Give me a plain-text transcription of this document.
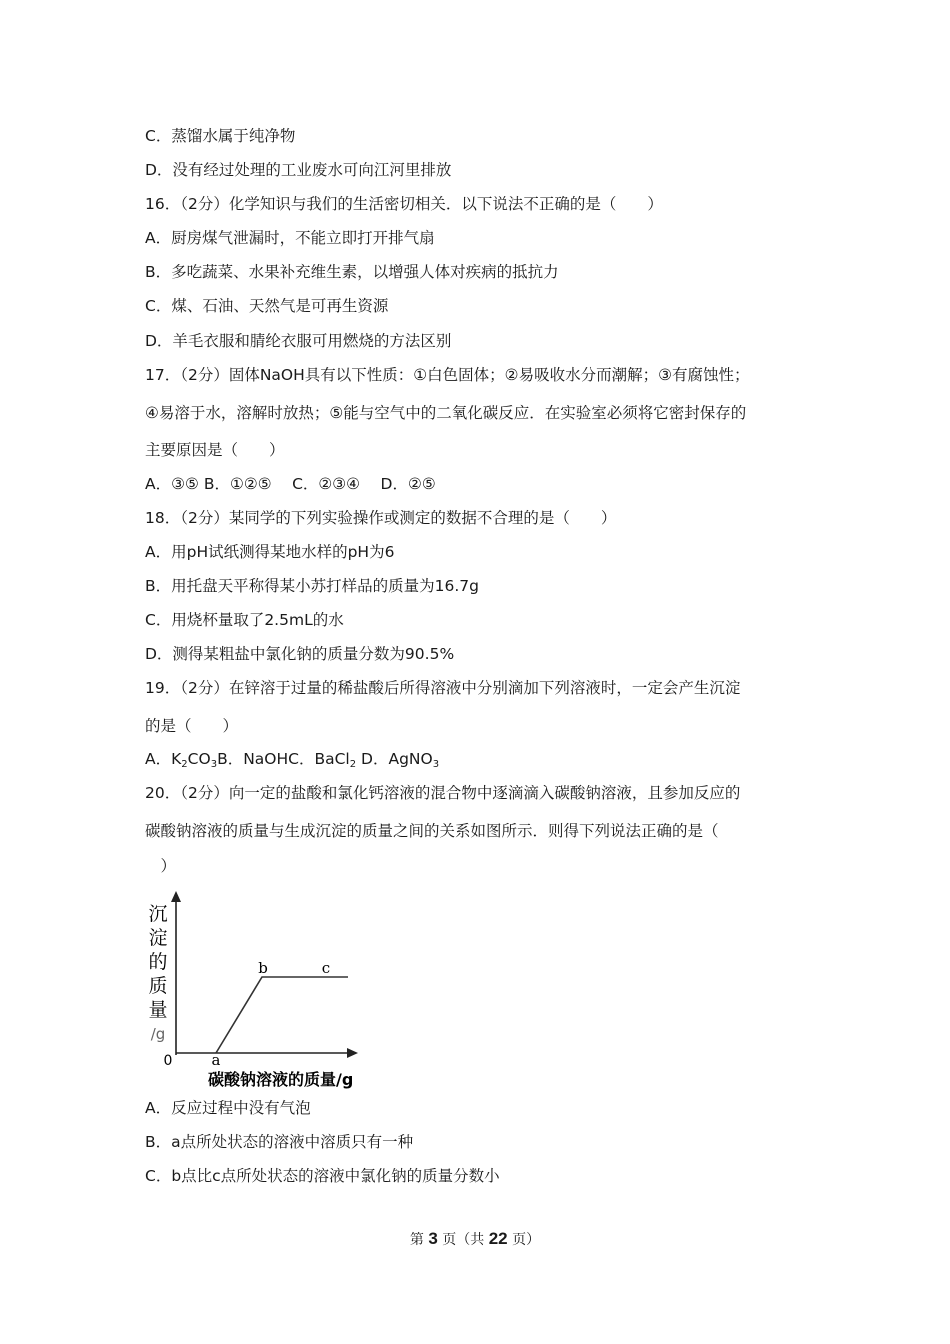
C．蒸馏水属于纯净物
D．没有经过处理的工业废水可向江河里排放
16．（2分）化学知识与我们的生活密切相关．以下说法不正确的是（　　）
A．厨房煤气泄漏时，不能立即打开排气扇
B．多吃蔬菜、水果补充维生素，以增强人体对疾病的抵抗力
C．煤、石油、天然气是可再生资源
D．羊毛衣服和腈纶衣服可用燃烧的方法区别
17．（2分）固体NaOH具有以下性质：①白色固体；②易吸收水分而潮解；③有腐蚀性；
④易溶于水，溶解时放热；⑤能与空气中的二氧化碳反应．在实验室必须将它密封保存的
主要原因是（　　）
A．③⑤ B．①②⑤　 C．②③④　 D．②⑤
18．（2分）某同学的下列实验操作或测定的数据不合理的是（　　）
A．用pH试纸测得某地水样的pH为6
B．用托盘天平称得某小苏打样品的质量为16.7g
C．用烧杯量取了2.5mL的水
D．测得某粗盐中氯化钠的质量分数为90.5%
19．（2分）在锌溶于过量的稀盐酸后所得溶液中分别滴加下列溶液时，一定会产生沉淀
的是（　　）
A．$K_2CO_3B$．NaOHC．BaCl$_2$ D．AgNO$_3$
20．（2分）向一定的盐酸和氯化钙溶液的混合物中逐滴滴入碳酸钠溶液，且参加反应的
碳酸钠溶液的质量与生成沉淀的质量之间的关系如图所示．则得下列说法正确的是（
　）
沉
淀
的
质
量
/g
0	a
b	c
碳酸钠溶液的质量/g
A．反应过程中没有气泡
B．a点所处状态的溶液中溶质只有一种
C．b点比c点所处状态的溶液中氯化钠的质量分数小
第 3 页（共 22 页）
